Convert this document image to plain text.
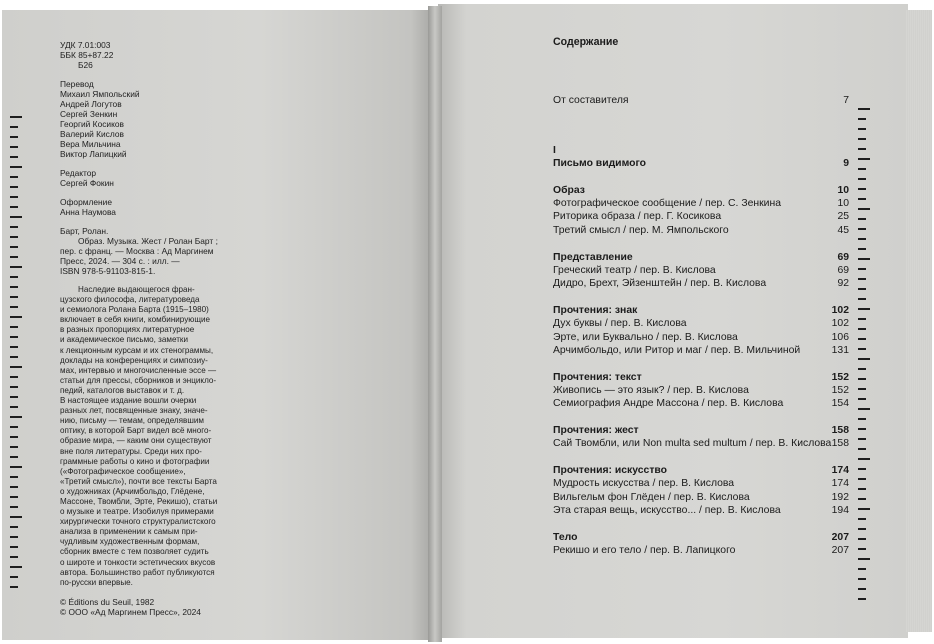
УДК 7.01:003
ББК 85+87.22
Б26
Перевод
Михаил Ямпольский
Андрей Логутов
Сергей Зенкин
Георгий Косиков
Валерий Кислов
Вера Мильчина
Виктор Лапицкий
Редактор
Сергей Фокин
Оформление
Анна Наумова
Барт, Ролан.
Образ. Музыка. Жест / Ролан Барт ;
пер. с франц. — Москва : Ад Маргинем
Пресс, 2024. — 304 с. : илл. —
ISBN 978-5-91103-815-1.
Наследие выдающегося фран-
цузского философа, литературоведа
и семиолога Ролана Барта (1915–1980)
включает в себя книги, комбинирующие
в разных пропорциях литературное
и академическое письмо, заметки
к лекционным курсам и их стенограммы,
доклады на конференциях и симпозиу-
мах, интервью и многочисленные эссе —
статьи для прессы, сборников и энцикло-
педий, каталогов выставок и т. д.
В настоящее издание вошли очерки
разных лет, посвященные знаку, значе-
нию, письму — темам, определявшим
оптику, в которой Барт видел всё много-
образие мира, — каким они существуют
вне поля литературы. Среди них про-
граммные работы о кино и фотографии
(«Фотографическое сообщение»,
«Третий смысл»), почти все тексты Барта
о художниках (Арчимбольдо, Глёдене,
Массоне, Твомбли, Эрте, Рекишо), статьи
о музыке и театре. Изобилуя примерами
хирургически точного структуралистского
анализа в применении к самым при-
чудливым художественным формам,
сборник вместе с тем позволяет судить
о широте и тонкости эстетических вкусов
автора. Большинство работ публикуются
по-русски впервые.
© Éditions du Seuil, 1982
© ООО «Ад Маргинем Пресс», 2024
Содержание
От составителя	7
I
Письмо видимого	9
Образ	10
Фотографическое сообщение / пер. С. Зенкина	10
Риторика образа / пер. Г. Косикова	25
Третий смысл / пер. М. Ямпольского	45
Представление	69
Греческий театр / пер. В. Кислова	69
Дидро, Брехт, Эйзенштейн / пер. В. Кислова	92
Прочтения: знак	102
Дух буквы / пер. В. Кислова	102
Эрте, или Буквально / пер. В. Кислова	106
Арчимбольдо, или Ритор и маг / пер. В. Мильчиной	131
Прочтения: текст	152
Живопись — это язык? / пер. В. Кислова	152
Семиография Андре Массона / пер. В. Кислова	154
Прочтения: жест	158
Сай Твомбли, или Non multa sed multum / пер. В. Кислова 158
Прочтения: искусство	174
Мудрость искусства / пер. В. Кислова	174
Вильгельм фон Глёден / пер. В. Кислова	192
Эта старая вещь, искусство... / пер. В. Кислова	194
Тело	207
Рекишо и его тело / пер. В. Лапицкого	207
